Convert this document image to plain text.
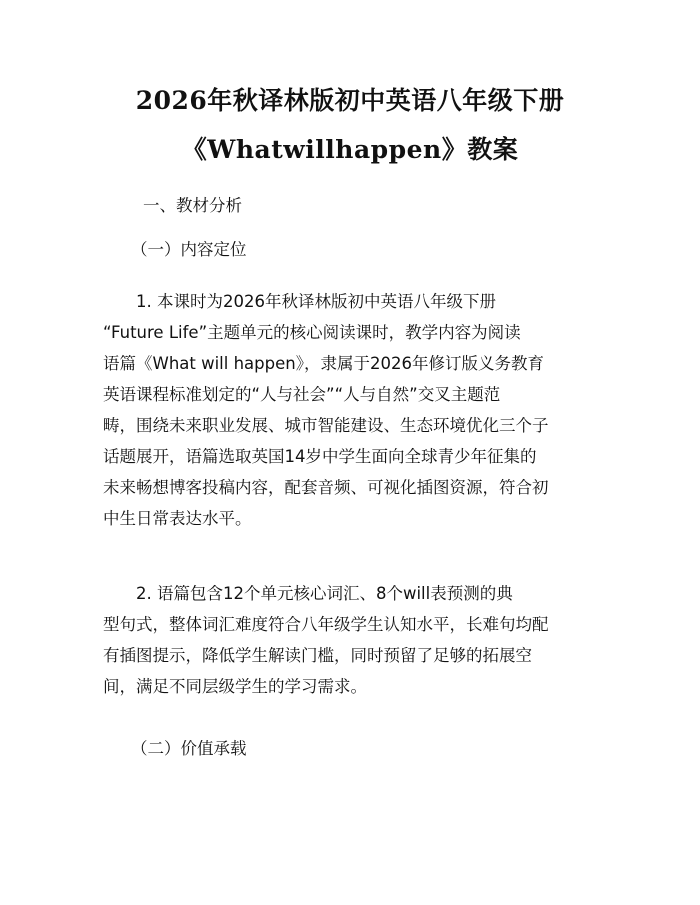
2026年秋译林版初中英语八年级下册
《Whatwillhappen》教案
一、教材分析
（一）内容定位
1. 本课时为2026年秋译林版初中英语八年级下册
“Future Life”主题单元的核心阅读课时，教学内容为阅读
语篇《What will happen》，隶属于2026年修订版义务教育
英语课程标准划定的“人与社会”“人与自然”交叉主题范
畴，围绕未来职业发展、城市智能建设、生态环境优化三个子
话题展开，语篇选取英国14岁中学生面向全球青少年征集的
未来畅想博客投稿内容，配套音频、可视化插图资源，符合初
中生日常表达水平。
2. 语篇包含12个单元核心词汇、8个will表预测的典
型句式，整体词汇难度符合八年级学生认知水平，长难句均配
有插图提示，降低学生解读门槛，同时预留了足够的拓展空
间，满足不同层级学生的学习需求。
（二）价值承载
